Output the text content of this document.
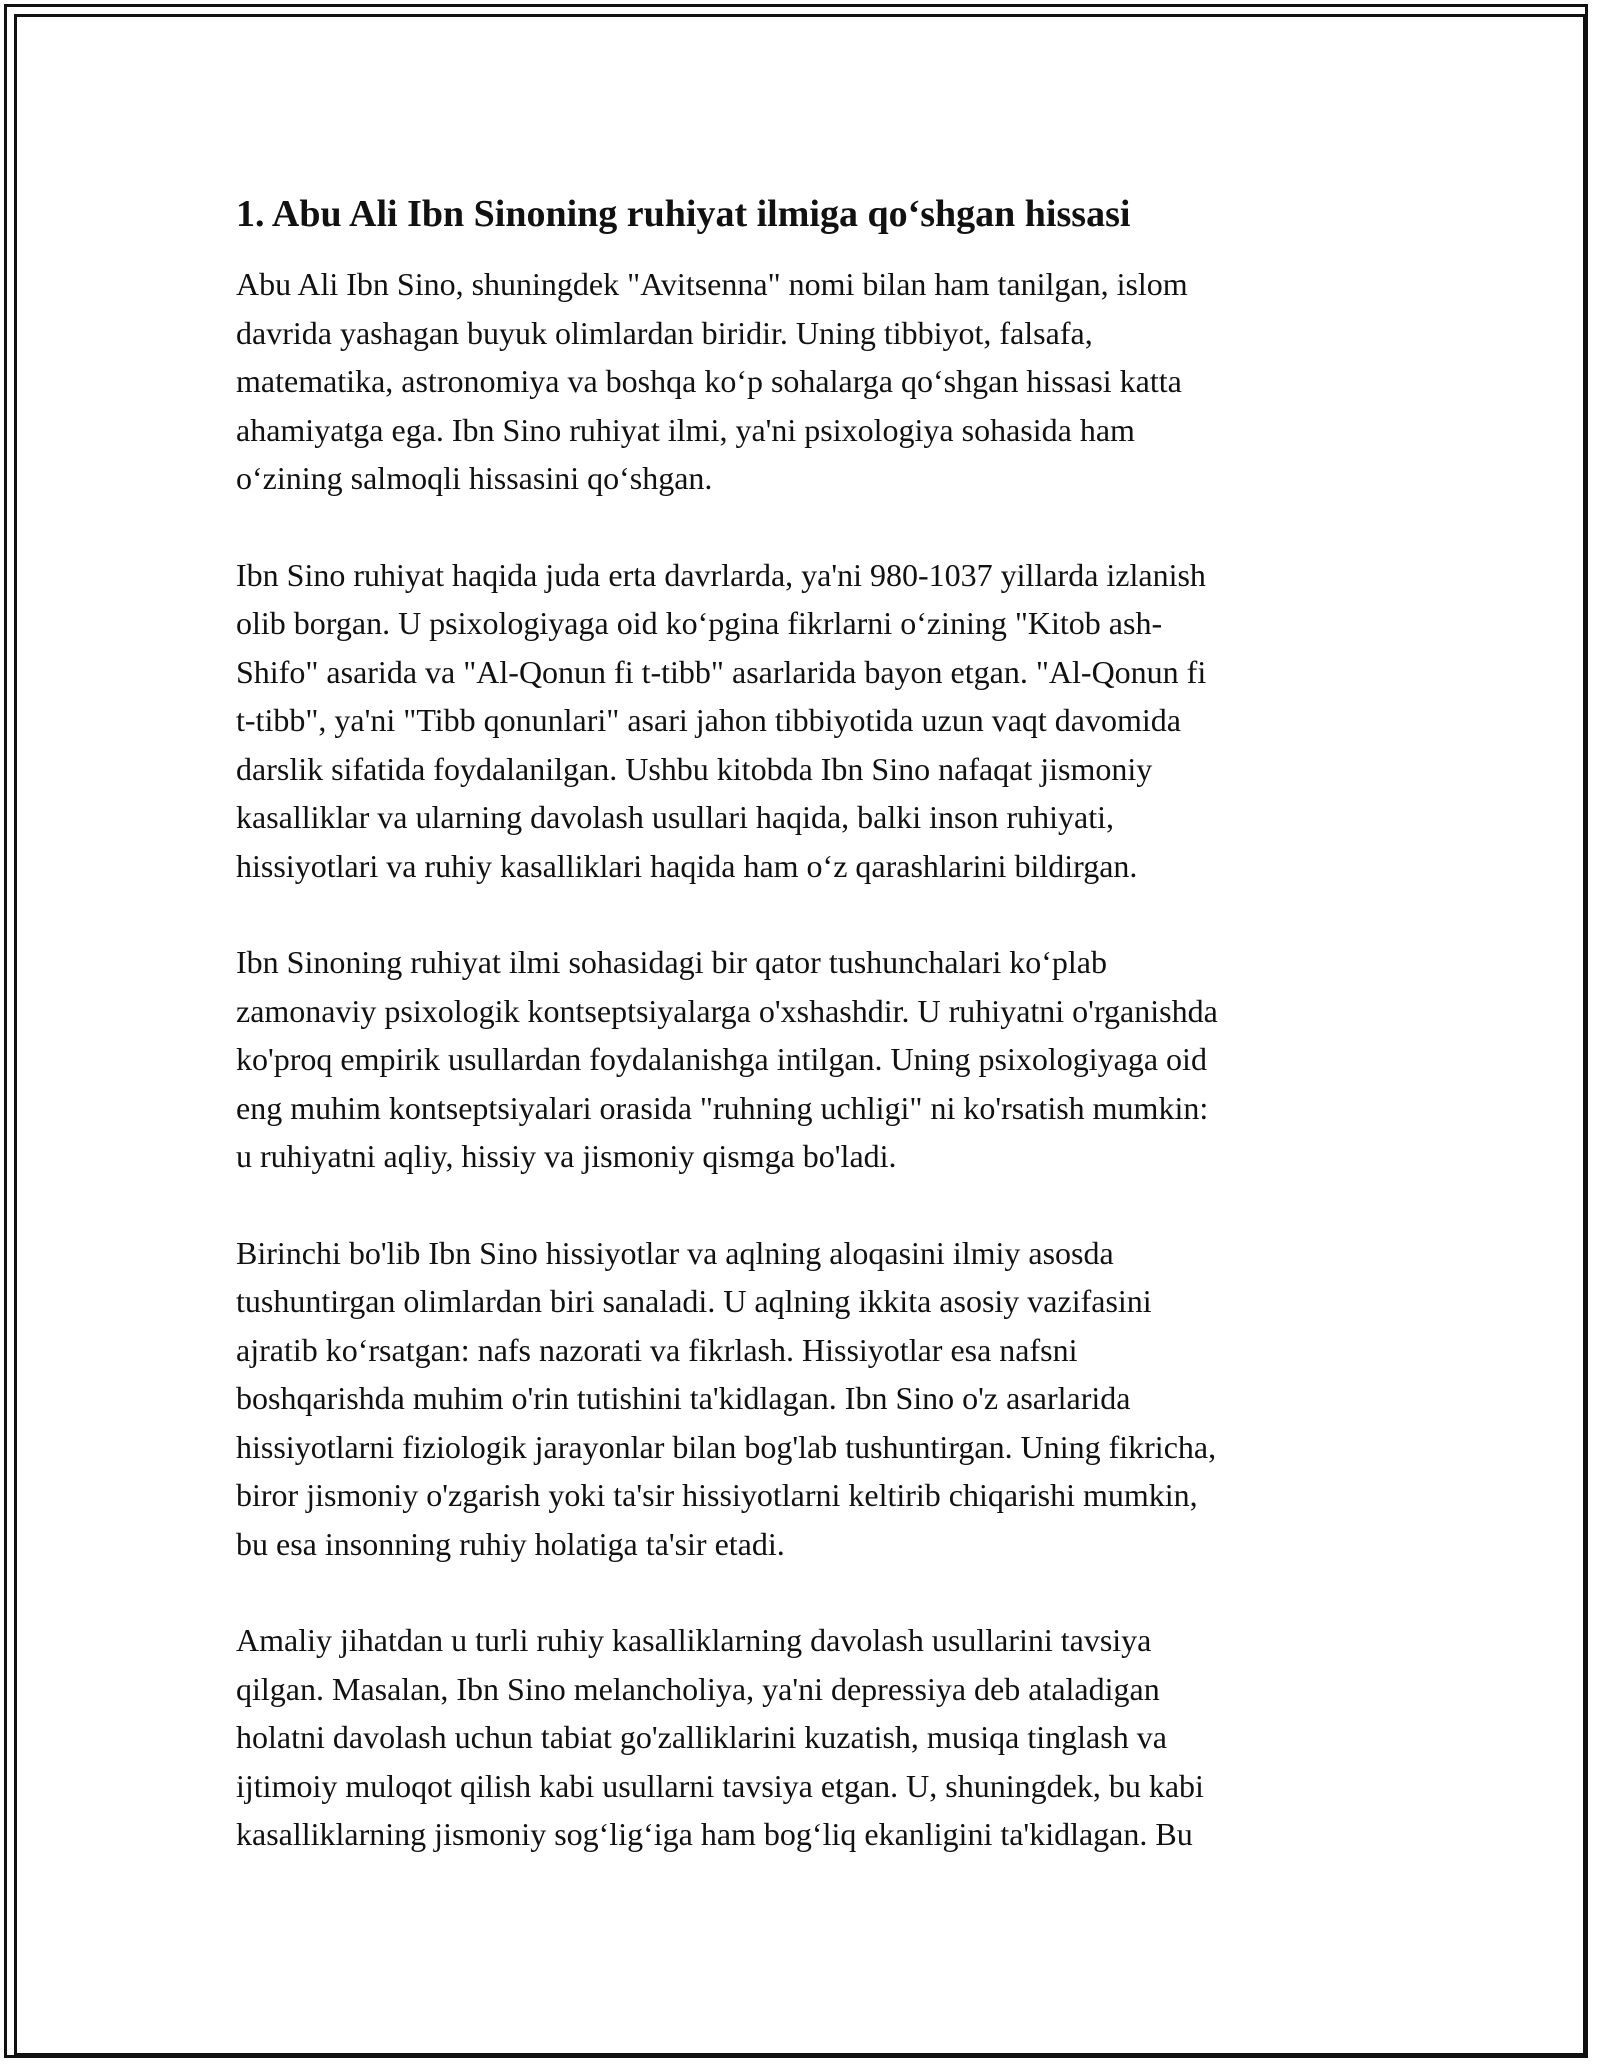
1. Abu Ali Ibn Sinoning ruhiyat ilmiga qo‘shgan hissasi
Abu Ali Ibn Sino, shuningdek "Avitsenna" nomi bilan ham tanilgan, islom
davrida yashagan buyuk olimlardan biridir. Uning tibbiyot, falsafa,
matematika, astronomiya va boshqa ko‘p sohalarga qo‘shgan hissasi katta
ahamiyatga ega. Ibn Sino ruhiyat ilmi, ya'ni psixologiya sohasida ham
o‘zining salmoqli hissasini qo‘shgan.
Ibn Sino ruhiyat haqida juda erta davrlarda, ya'ni 980-1037 yillarda izlanish
olib borgan. U psixologiyaga oid ko‘pgina fikrlarni o‘zining "Kitob ash-
Shifo" asarida va "Al-Qonun fi t-tibb" asarlarida bayon etgan. "Al-Qonun fi
t-tibb", ya'ni "Tibb qonunlari" asari jahon tibbiyotida uzun vaqt davomida
darslik sifatida foydalanilgan. Ushbu kitobda Ibn Sino nafaqat jismoniy
kasalliklar va ularning davolash usullari haqida, balki inson ruhiyati,
hissiyotlari va ruhiy kasalliklari haqida ham o‘z qarashlarini bildirgan.
Ibn Sinoning ruhiyat ilmi sohasidagi bir qator tushunchalari ko‘plab
zamonaviy psixologik kontseptsiyalarga o'xshashdir. U ruhiyatni o'rganishda
ko'proq empirik usullardan foydalanishga intilgan. Uning psixologiyaga oid
eng muhim kontseptsiyalari orasida "ruhning uchligi" ni ko'rsatish mumkin:
u ruhiyatni aqliy, hissiy va jismoniy qismga bo'ladi.
Birinchi bo'lib Ibn Sino hissiyotlar va aqlning aloqasini ilmiy asosda
tushuntirgan olimlardan biri sanaladi. U aqlning ikkita asosiy vazifasini
ajratib ko‘rsatgan: nafs nazorati va fikrlash. Hissiyotlar esa nafsni
boshqarishda muhim o'rin tutishini ta'kidlagan. Ibn Sino o'z asarlarida
hissiyotlarni fiziologik jarayonlar bilan bog'lab tushuntirgan. Uning fikricha,
biror jismoniy o'zgarish yoki ta'sir hissiyotlarni keltirib chiqarishi mumkin,
bu esa insonning ruhiy holatiga ta'sir etadi.
Amaliy jihatdan u turli ruhiy kasalliklarning davolash usullarini tavsiya
qilgan. Masalan, Ibn Sino melancholiya, ya'ni depressiya deb ataladigan
holatni davolash uchun tabiat go'zalliklarini kuzatish, musiqa tinglash va
ijtimoiy muloqot qilish kabi usullarni tavsiya etgan. U, shuningdek, bu kabi
kasalliklarning jismoniy sog‘lig‘iga ham bog‘liq ekanligini ta'kidlagan. Bu
